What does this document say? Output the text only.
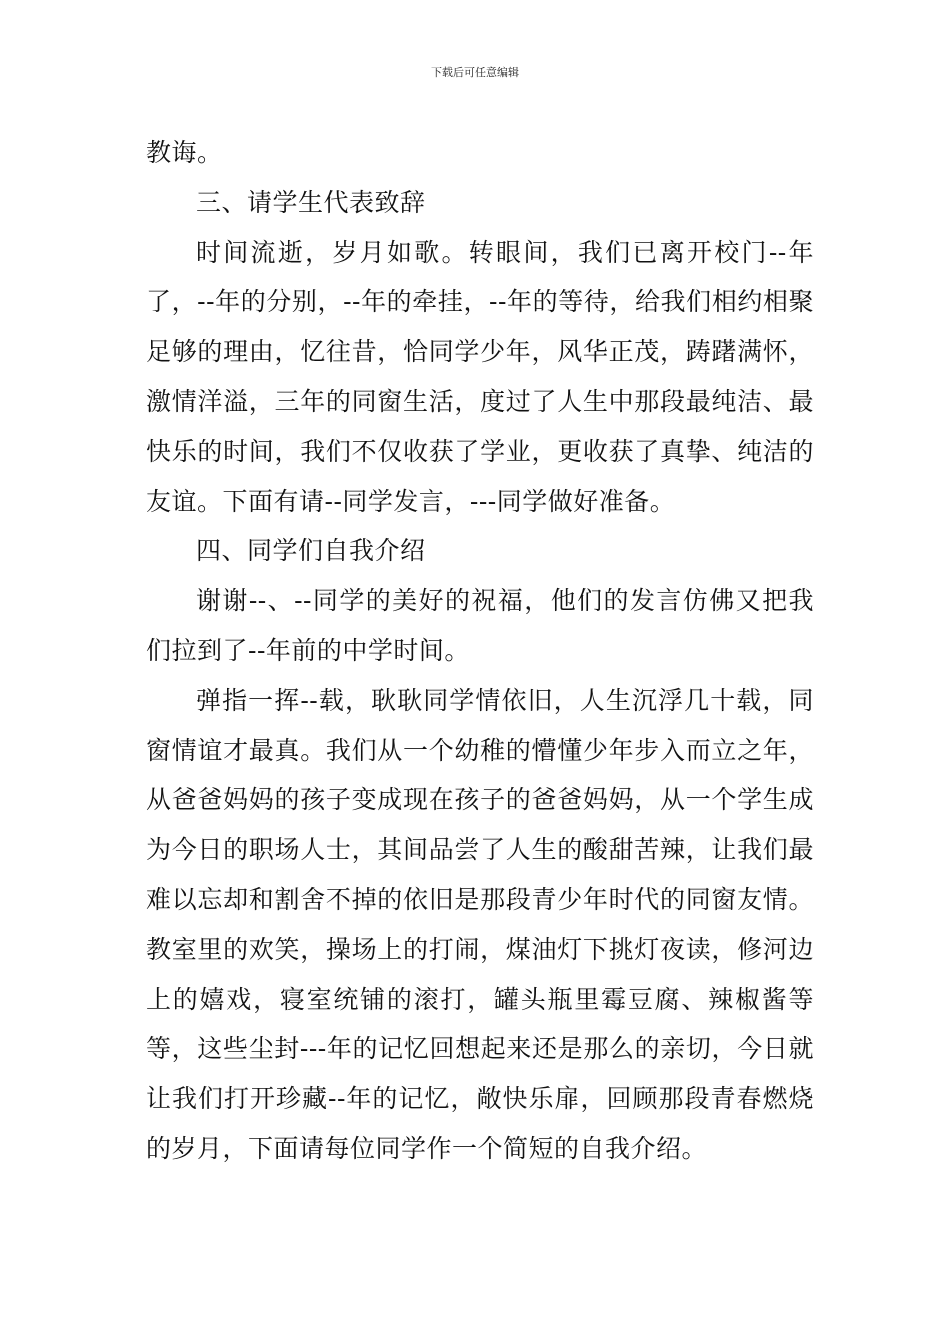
下载后可任意编辑

教诲。

三、请学生代表致辞

时间流逝，岁月如歌。转眼间，我们已离开校门--年了，--年的分别，--年的牵挂，--年的等待，给我们相约相聚足够的理由，忆往昔，恰同学少年，风华正茂，踌躇满怀，激情洋溢，三年的同窗生活，度过了人生中那段最纯洁、最快乐的时间，我们不仅收获了学业，更收获了真挚、纯洁的友谊。下面有请--同学发言，---同学做好准备。

四、同学们自我介绍

谢谢--、--同学的美好的祝福，他们的发言仿佛又把我们拉到了--年前的中学时间。

弹指一挥--载，耿耿同学情依旧，人生沉浮几十载，同窗情谊才最真。我们从一个幼稚的懵懂少年步入而立之年，从爸爸妈妈的孩子变成现在孩子的爸爸妈妈，从一个学生成为今日的职场人士，其间品尝了人生的酸甜苦辣，让我们最难以忘却和割舍不掉的依旧是那段青少年时代的同窗友情。教室里的欢笑，操场上的打闹，煤油灯下挑灯夜读，修河边上的嬉戏，寝室统铺的滚打，罐头瓶里霉豆腐、辣椒酱等等，这些尘封---年的记忆回想起来还是那么的亲切，今日就让我们打开珍藏--年的记忆，敞快乐扉，回顾那段青春燃烧的岁月，下面请每位同学作一个简短的自我介绍。
